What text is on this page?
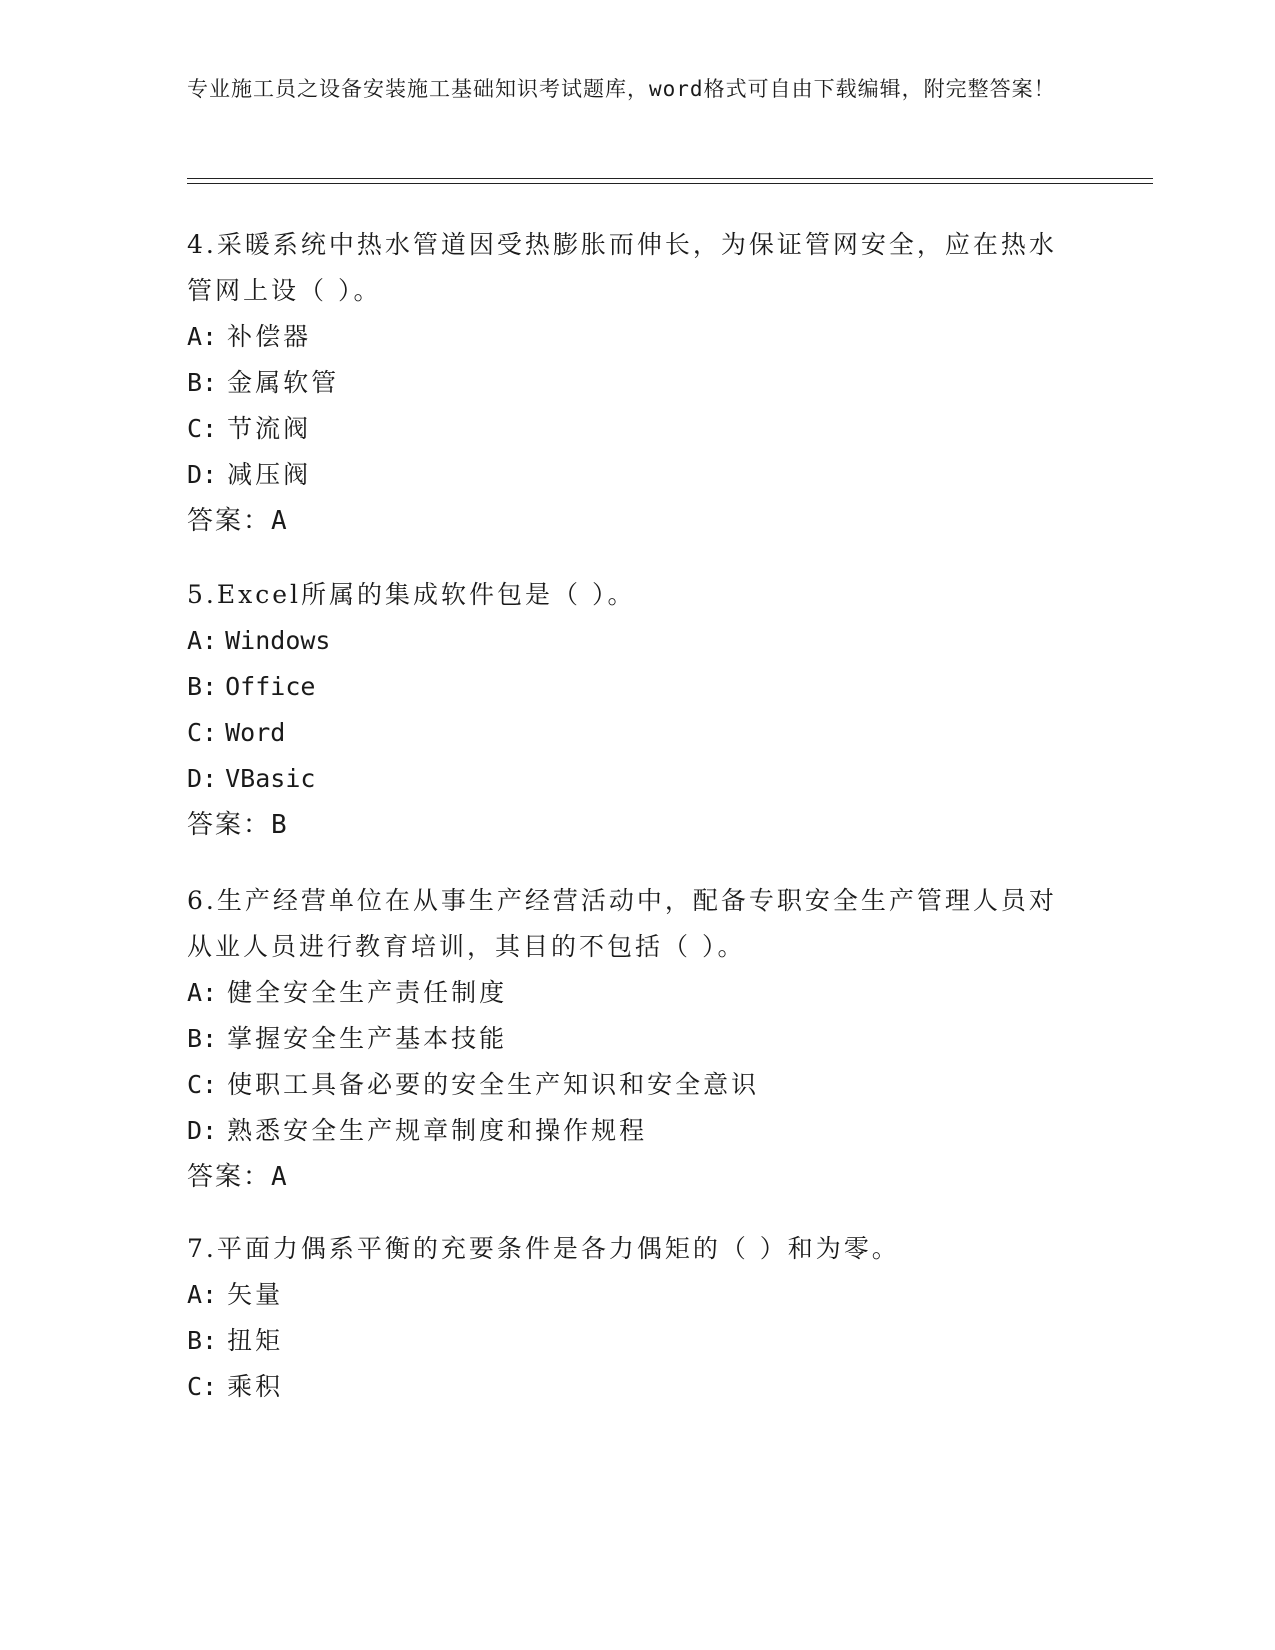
专业施工员之设备安装施工基础知识考试题库，word格式可自由下载编辑，附完整答案！
4.采暖系统中热水管道因受热膨胀而伸长，为保证管网安全，应在热水管网上设（ ）。
A: 补偿器
B: 金属软管
C: 节流阀
D: 减压阀
答案：A
5.Excel所属的集成软件包是（ ）。
A: Windows
B: Office
C: Word
D: VBasic
答案：B
6.生产经营单位在从事生产经营活动中，配备专职安全生产管理人员对从业人员进行教育培训，其目的不包括（ ）。
A: 健全安全生产责任制度
B: 掌握安全生产基本技能
C: 使职工具备必要的安全生产知识和安全意识
D: 熟悉安全生产规章制度和操作规程
答案：A
7.平面力偶系平衡的充要条件是各力偶矩的（ ）和为零。
A: 矢量
B: 扭矩
C: 乘积
